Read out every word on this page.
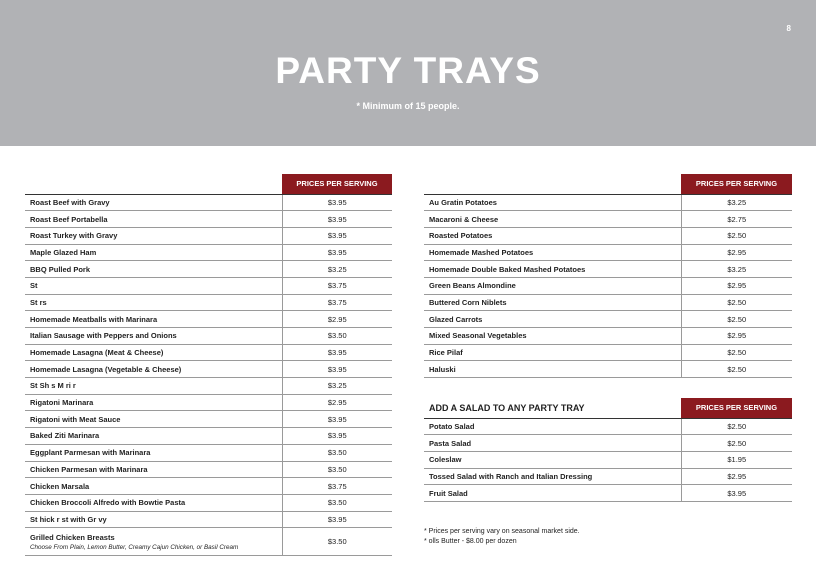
8
PARTY TRAYS
* Minimum of 15 people.
	PRICES PER SERVING
Roast Beef with Gravy	$3.95
Roast Beef Portabella	$3.95
Roast Turkey with Gravy	$3.95
Maple Glazed Ham	$3.95
BBQ Pulled Pork	$3.25
St	$3.75
St rs	$3.75
Homemade Meatballs with Marinara	$2.95
Italian Sausage with Peppers and Onions	$3.50
Homemade Lasagna (Meat & Cheese)	$3.95
Homemade Lasagna (Vegetable & Cheese)	$3.95
St Sh s M ri r	$3.25
Rigatoni Marinara	$2.95
Rigatoni with Meat Sauce	$3.95
Baked Ziti Marinara	$3.95
Eggplant Parmesan with Marinara	$3.50
Chicken Parmesan with Marinara	$3.50
Chicken Marsala	$3.75
Chicken Broccoli Alfredo with Bowtie Pasta	$3.50
St hick r st with Gr vy	$3.95
Grilled Chicken Breasts
Choose From Plain, Lemon Butter, Creamy Cajun Chicken, or Basil Cream	$3.50
	PRICES PER SERVING
Au Gratin Potatoes	$3.25
Macaroni & Cheese	$2.75
Roasted Potatoes	$2.50
Homemade Mashed Potatoes	$2.95
Homemade Double Baked Mashed Potatoes	$3.25
Green Beans Almondine	$2.95
Buttered Corn Niblets	$2.50
Glazed Carrots	$2.50
Mixed Seasonal Vegetables	$2.95
Rice Pilaf	$2.50
Haluski	$2.50
ADD A SALAD TO ANY PARTY TRAY	PRICES PER SERVING
Potato Salad	$2.50
Pasta Salad	$2.50
Coleslaw	$1.95
Tossed Salad with Ranch and Italian Dressing	$2.95
Fruit Salad	$3.95
* Prices per serving vary on seasonal market side.
* olls Butter - $8.00 per dozen
